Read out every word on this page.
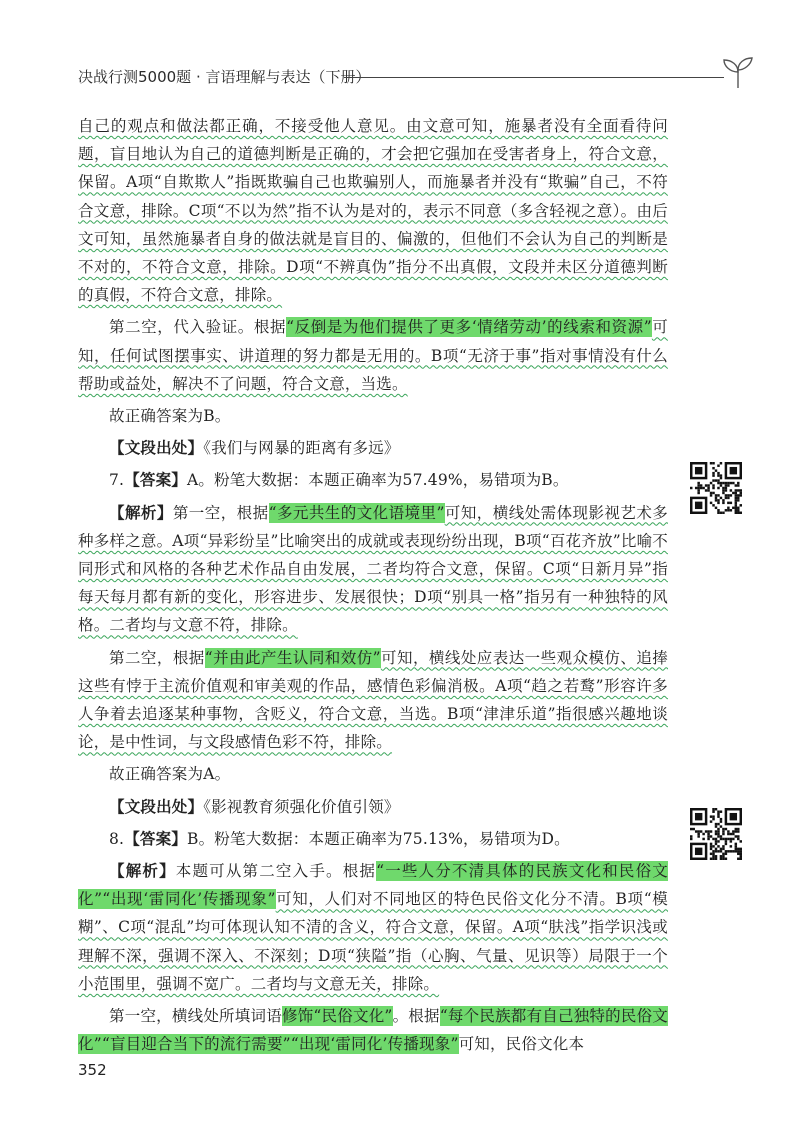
决战行测5000题 · 言语理解与表达（下册）

自己的观点和做法都正确，不接受他人意见。由文意可知，施暴者没有全面看待问题，盲目地认为自己的道德判断是正确的，才会把它强加在受害者身上，符合文意，保留。A项“自欺欺人”指既欺骗自己也欺骗别人，而施暴者并没有“欺骗”自己，不符合文意，排除。C项“不以为然”指不认为是对的，表示不同意（多含轻视之意）。由后文可知，虽然施暴者自身的做法就是盲目的、偏激的，但他们不会认为自己的判断是不对的，不符合文意，排除。D项“不辨真伪”指分不出真假，文段并未区分道德判断的真假，不符合文意，排除。

第二空，代入验证。根据“反倒是为他们提供了更多‘情绪劳动’的线索和资源”可知，任何试图摆事实、讲道理的努力都是无用的。B项“无济于事”指对事情没有什么帮助或益处，解决不了问题，符合文意，当选。

故正确答案为B。

【文段出处】《我们与网暴的距离有多远》

7.【答案】A。粉笔大数据：本题正确率为57.49%，易错项为B。

【解析】第一空，根据“多元共生的文化语境里”可知，横线处需体现影视艺术多种多样之意。A项“异彩纷呈”比喻突出的成就或表现纷纷出现，B项“百花齐放”比喻不同形式和风格的各种艺术作品自由发展，二者均符合文意，保留。C项“日新月异”指每天每月都有新的变化，形容进步、发展很快；D项“别具一格”指另有一种独特的风格。二者均与文意不符，排除。

第二空，根据“并由此产生认同和效仿”可知，横线处应表达一些观众模仿、追捧这些有悖于主流价值观和审美观的作品，感情色彩偏消极。A项“趋之若鹜”形容许多人争着去追逐某种事物，含贬义，符合文意，当选。B项“津津乐道”指很感兴趣地谈论，是中性词，与文段感情色彩不符，排除。

故正确答案为A。

【文段出处】《影视教育须强化价值引领》

8.【答案】B。粉笔大数据：本题正确率为75.13%，易错项为D。

【解析】本题可从第二空入手。根据“一些人分不清具体的民族文化和民俗文化”“出现‘雷同化’传播现象”可知，人们对不同地区的特色民俗文化分不清。B项“模糊”、C项“混乱”均可体现认知不清的含义，符合文意，保留。A项“肤浅”指学识浅或理解不深，强调不深入、不深刻；D项“狭隘”指（心胸、气量、见识等）局限于一个小范围里，强调不宽广。二者均与文意无关，排除。

第一空，横线处所填词语修饰“民俗文化”。根据“每个民族都有自己独特的民俗文化”“盲目迎合当下的流行需要”“出现‘雷同化’传播现象”可知，民俗文化本

352
